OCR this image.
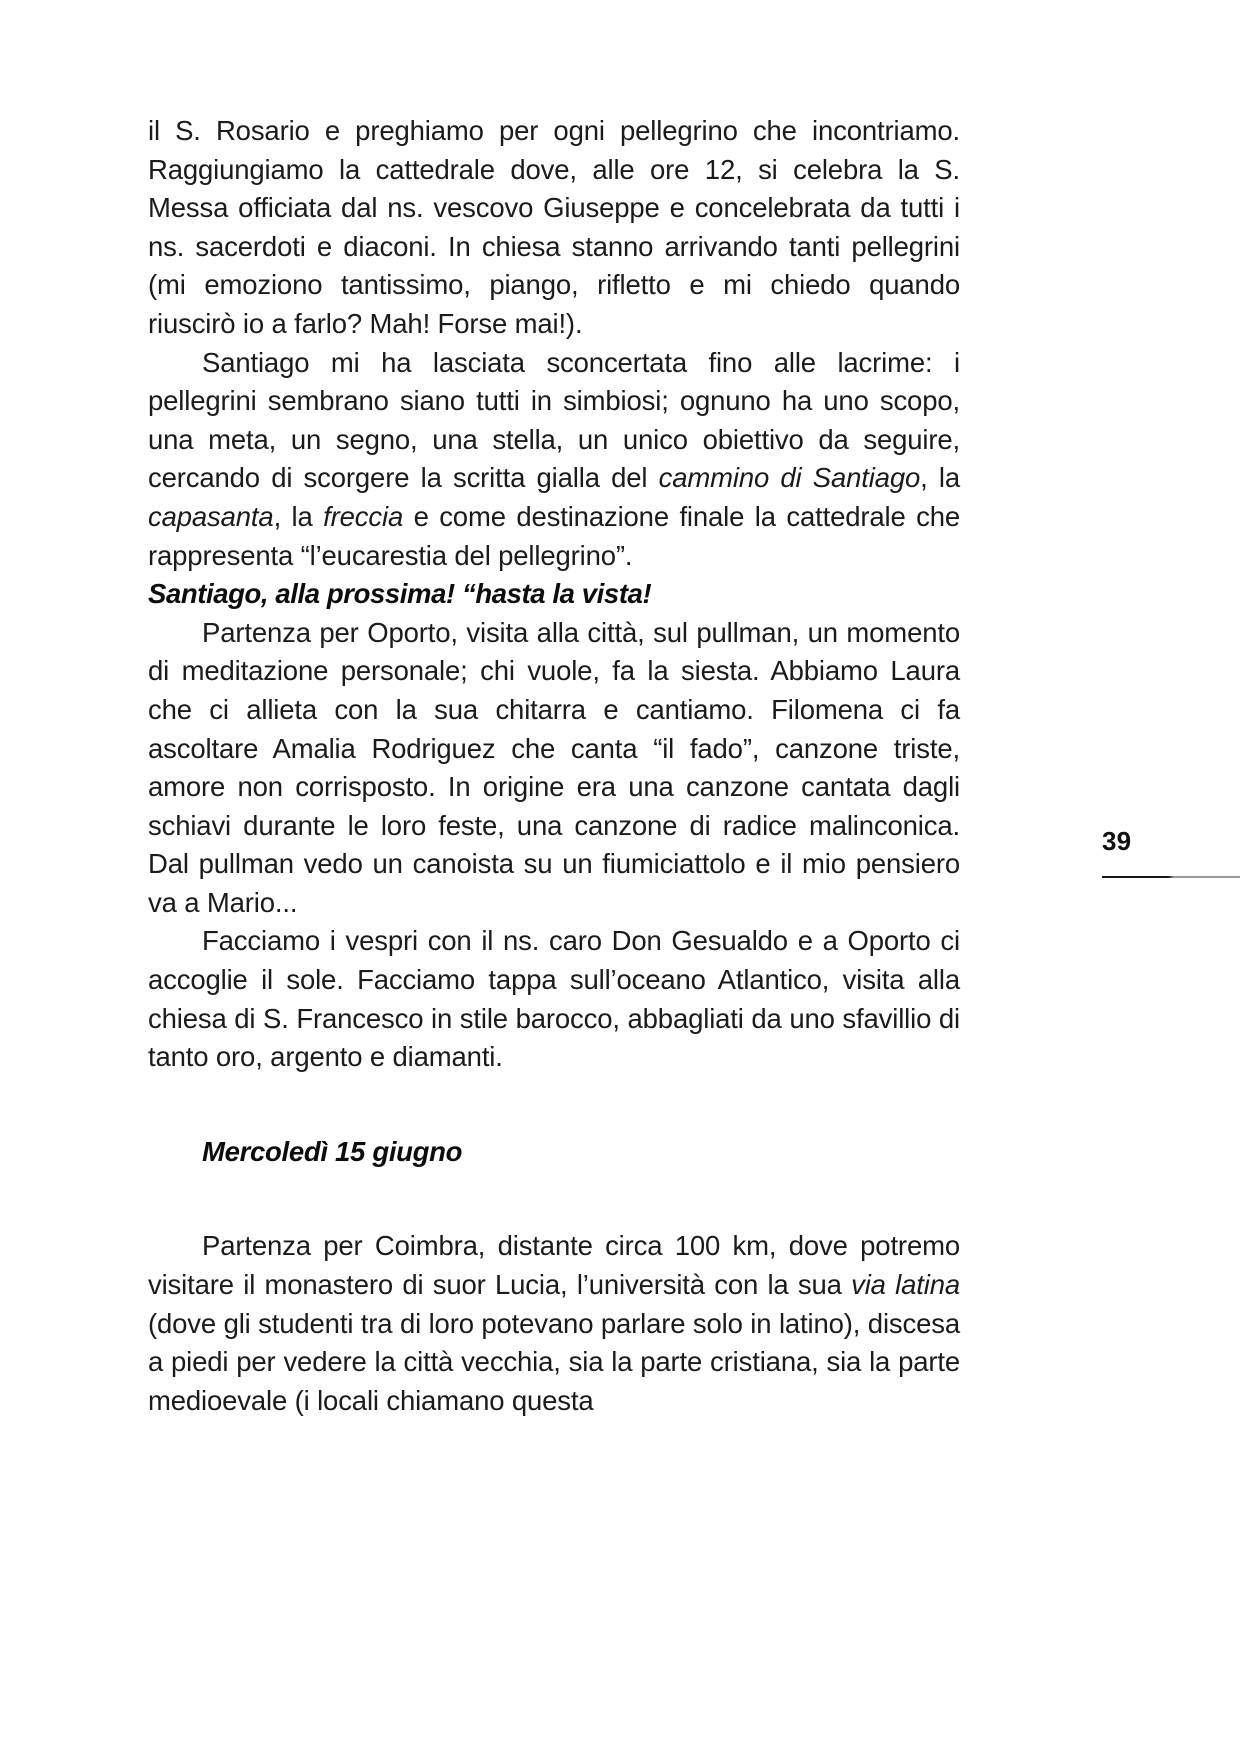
il S. Rosario e preghiamo per ogni pellegrino che incontriamo. Raggiungiamo la cattedrale dove, alle ore 12, si celebra la S. Messa officiata dal ns. vescovo Giuseppe e concelebrata da tutti i ns. sacerdoti e diaconi. In chiesa stanno arrivando tanti pellegrini (mi emoziono tantissimo, piango, rifletto e mi chiedo quando riuscirò io a farlo? Mah! Forse mai!).

Santiago mi ha lasciata sconcertata fino alle lacrime: i pellegrini sembrano siano tutti in simbiosi; ognuno ha uno scopo, una meta, un segno, una stella, un unico obiettivo da seguire, cercando di scorgere la scritta gialla del cammino di Santiago, la capasanta, la freccia e come destinazione finale la cattedrale che rappresenta “l’eucarestia del pellegrino”.

Santiago, alla prossima! “hasta la vista!

Partenza per Oporto, visita alla città, sul pullman, un momento di meditazione personale; chi vuole, fa la siesta. Abbiamo Laura che ci allieta con la sua chitarra e cantiamo. Filomena ci fa ascoltare Amalia Rodriguez che canta “il fado”, canzone triste, amore non corrisposto. In origine era una canzone cantata dagli schiavi durante le loro feste, una canzone di radice malinconica. Dal pullman vedo un canoista su un fiumiciattolo e il mio pensiero va a Mario...

Facciamo i vespri con il ns. caro Don Gesualdo e a Oporto ci accoglie il sole. Facciamo tappa sull’oceano Atlantico, visita alla chiesa di S. Francesco in stile barocco, abbagliati da uno sfavillio di tanto oro, argento e diamanti.

Mercoledì 15 giugno

Partenza per Coimbra, distante circa 100 km, dove potremo visitare il monastero di suor Lucia, l’università con la sua via latina (dove gli studenti tra di loro potevano parlare solo in latino), discesa a piedi per vedere la città vecchia, sia la parte cristiana, sia la parte medioevale (i locali chiamano questa

39
